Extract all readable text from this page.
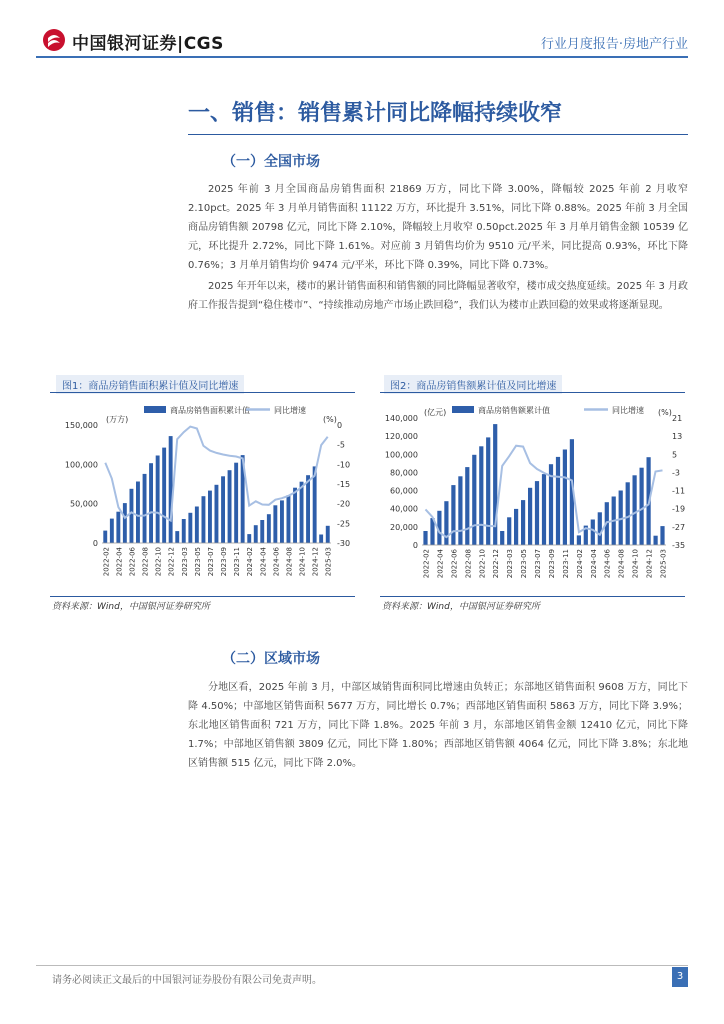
中国银河证券|CGS	行业月度报告·房地产行业
一、销售：销售累计同比降幅持续收窄
（一）全国市场

2025 年前 3 月全国商品房销售面积 21869 万方，同比下降 3.00%，降幅较 2025 年前 2 月收窄 2.10pct。2025 年 3 月单月销售面积 11122 万方，环比提升 3.51%，同比下降 0.88%。2025 年前 3 月全国商品房销售额 20798 亿元，同比下降 2.10%，降幅较上月收窄 0.50pct.2025 年 3 月单月销售金额 10539 亿元，环比提升 2.72%，同比下降 1.61%。对应前 3 月销售均价为 9510 元/平米，同比提高 0.93%，环比下降 0.76%；3 月单月销售均价 9474 元/平米，环比下降 0.39%，同比下降 0.73%。

2025 年开年以来，楼市的累计销售面积和销售额的同比降幅显著收窄，楼市成交热度延续。2025 年 3 月政府工作报告提到“稳住楼市”、“持续推动房地产市场止跌回稳”，我们认为楼市止跌回稳的效果或将逐渐显现。

图1：商品房销售面积累计值及同比增速	图2：商品房销售额累计值及同比增速
商品房销售面积累计值	同比增速
(万方)	(%)
150,000
100,000
50,000
0
0
-5
-10
-15
-20
-25
-30
2022-02 2022-04 2022-06 2022-08 2022-10 2022-12 2023-03 2023-05 2023-07 2023-09 2023-11 2024-02 2024-04 2024-06 2024-08 2024-10 2024-12 2025-03
商品房销售额累计值	同比增速
(亿元)	(%)
140,000
120,000
100,000
80,000
60,000
40,000
20,000
0
21
13
5
-3
-11
-19
-27
-35
2022-02 2022-04 2022-06 2022-08 2022-10 2022-12 2023-03 2023-05 2023-07 2023-09 2023-11 2024-02 2024-04 2024-06 2024-08 2024-10 2024-12 2025-03
资料来源：Wind，中国银河证券研究所	资料来源：Wind，中国银河证券研究所
（二）区域市场

分地区看，2025 年前 3 月，中部区域销售面积同比增速由负转正；东部地区销售面积 9608 万方，同比下降 4.50%；中部地区销售面积 5677 万方，同比增长 0.7%；西部地区销售面积 5863 万方，同比下降 3.9%；东北地区销售面积 721 万方，同比下降 1.8%。2025 年前 3 月，东部地区销售金额 12410 亿元，同比下降 1.7%；中部地区销售额 3809 亿元，同比下降 1.80%；西部地区销售额 4064 亿元，同比下降 3.8%；东北地区销售额 515 亿元，同比下降 2.0%。

请务必阅读正文最后的中国银河证券股份有限公司免责声明。	3
